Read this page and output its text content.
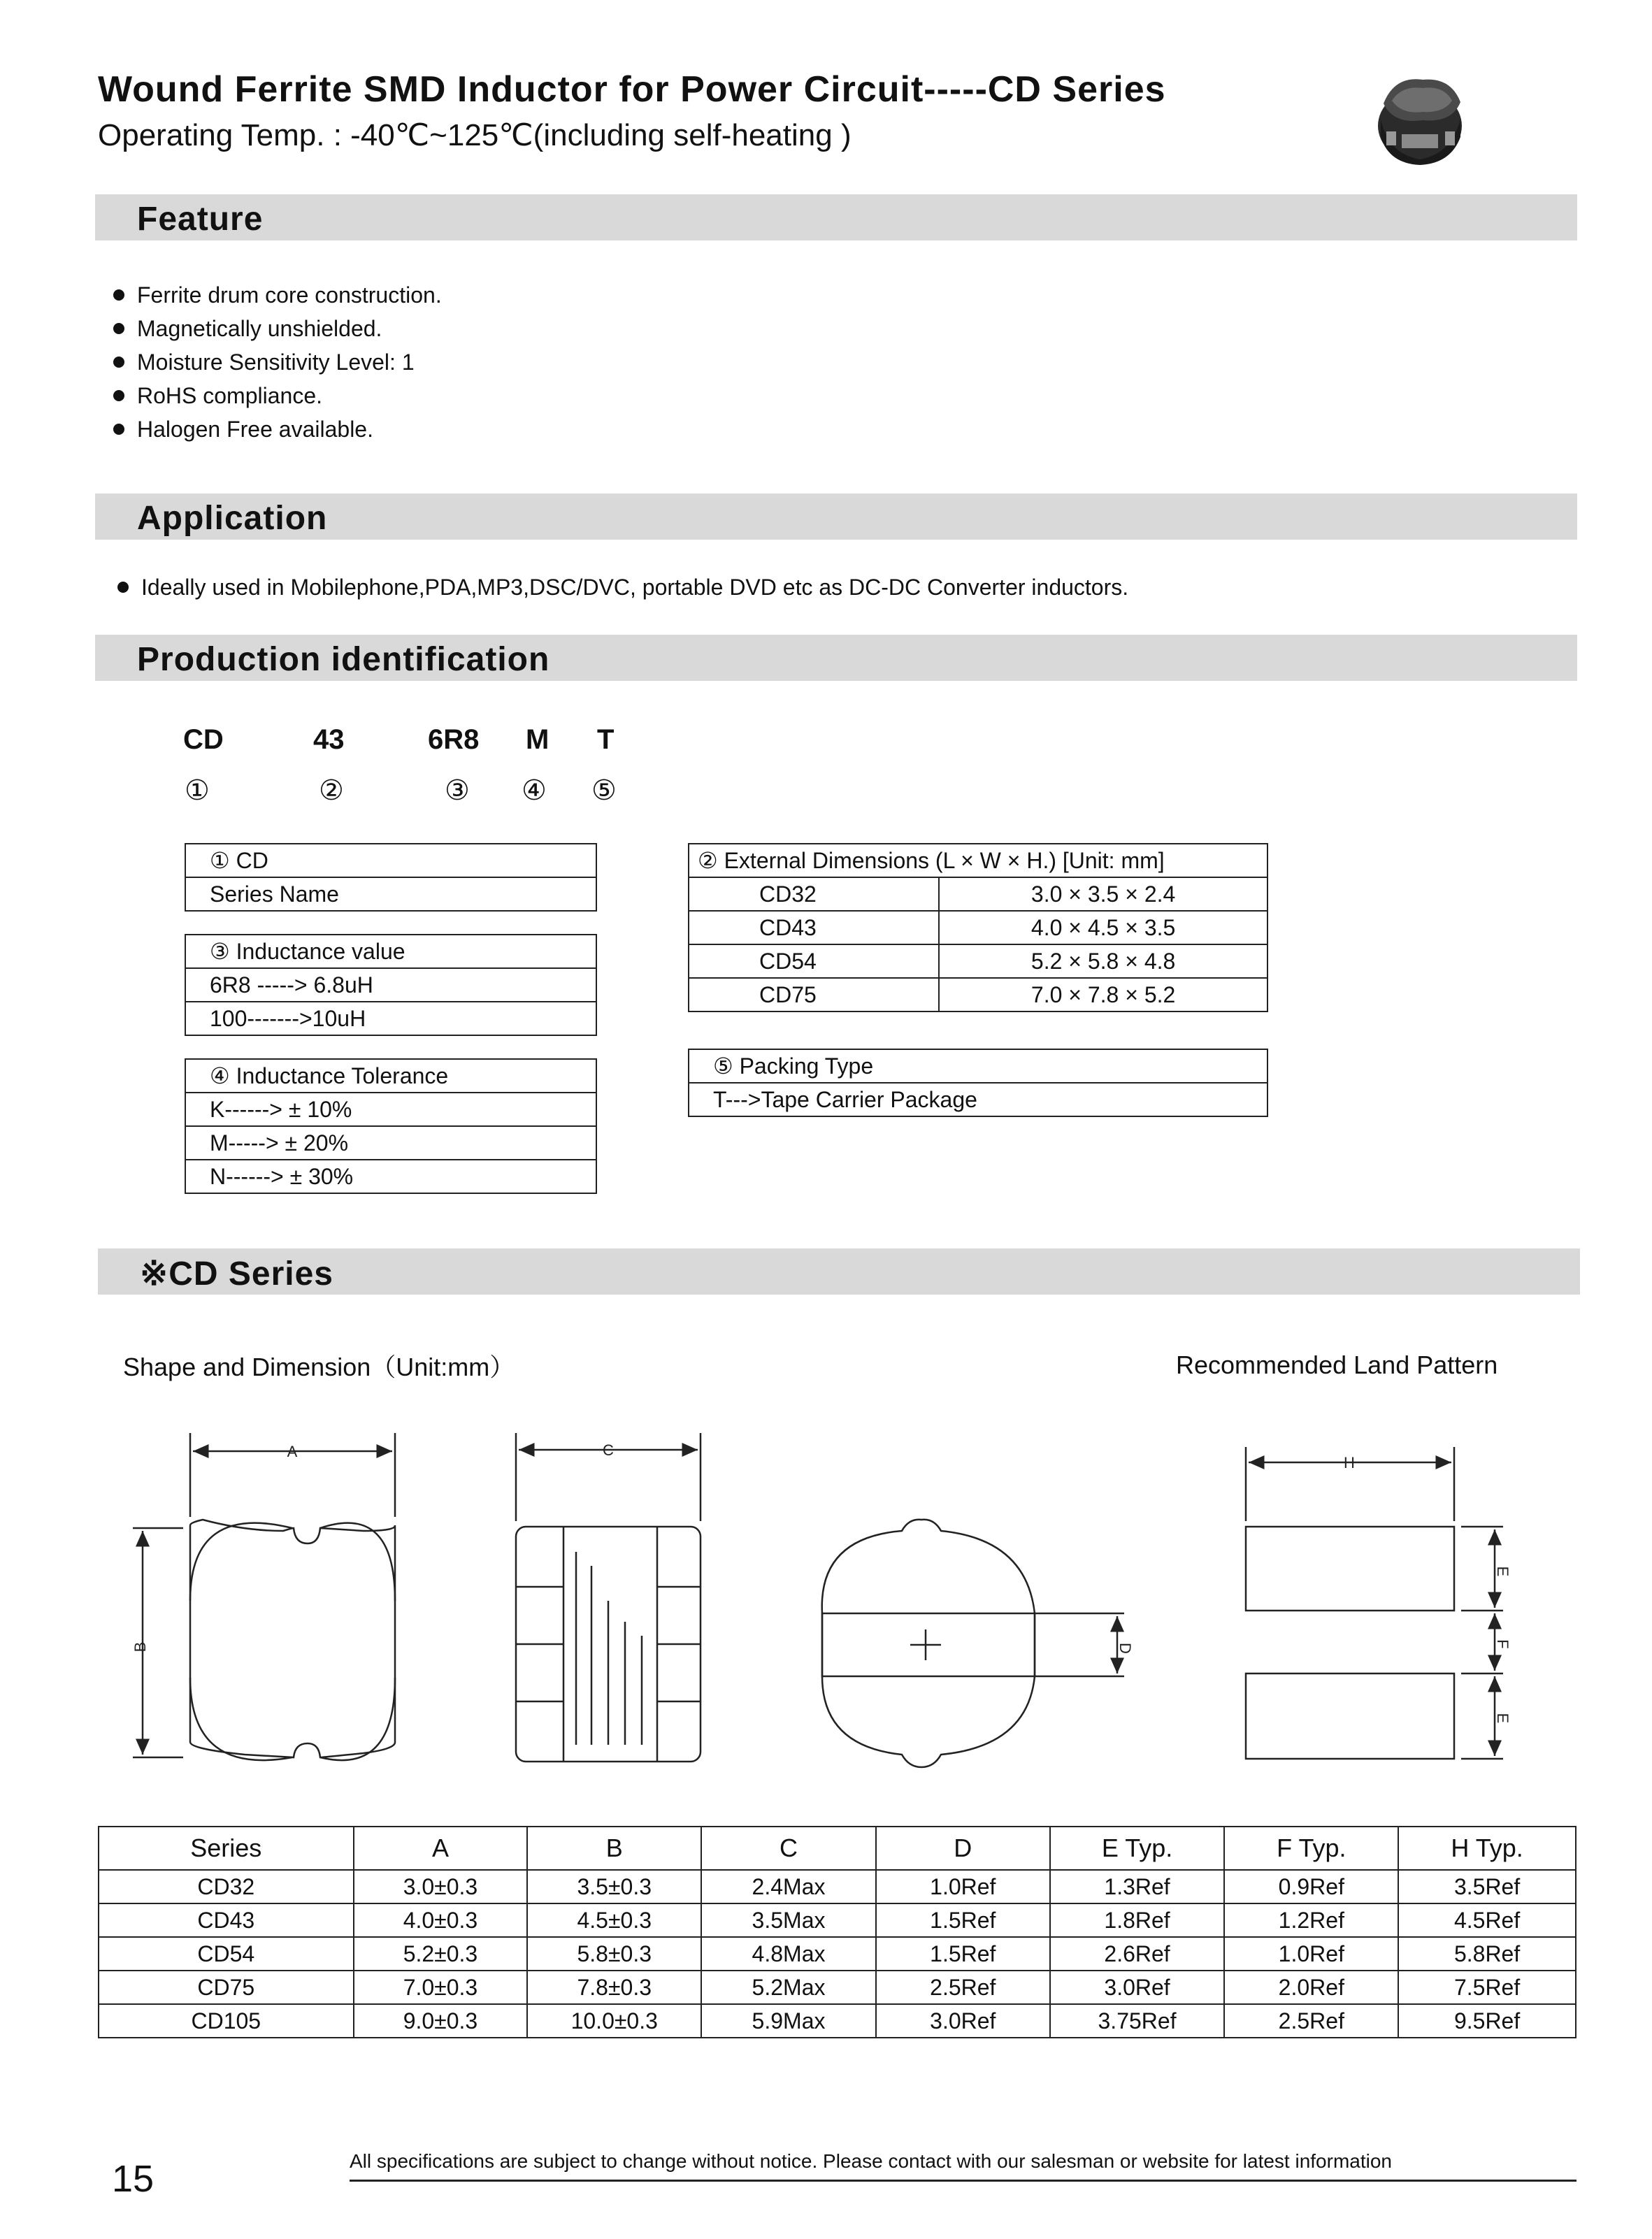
Wound Ferrite SMD Inductor for Power Circuit-----CD Series
Operating Temp. : -40℃~125℃(including self-heating )
Feature
Ferrite drum core construction.
Magnetically unshielded.
Moisture Sensitivity Level: 1
RoHS compliance.
Halogen Free available.
Application
Ideally used in Mobilephone,PDA,MP3,DSC/DVC, portable DVD etc as DC-DC Converter inductors.
Production identification
CD	43	6R8 M T
①	②	③ ④ ⑤
① CD
Series Name
③ Inductance value
6R8 -----> 6.8uH
100------->10uH
④ Inductance Tolerance
K------> ± 10%
M-----> ± 20%
N------> ± 30%
② External Dimensions (L × W × H.) [Unit: mm]	
CD32	3.0 × 3.5 × 2.4
CD43	4.0 × 4.5 × 3.5
CD54	5.2 × 5.8 × 4.8
CD75	7.0 × 7.8 × 5.2
⑤ Packing Type
T--->Tape Carrier Package
※CD Series
Shape and Dimension（Unit:mm）	Recommended Land Pattern
A
B
C
D
H
E
F
E
Series	A	B	C	D	E Typ.	F Typ.	H Typ.
CD32	3.0±0.3	3.5±0.3	2.4Max	1.0Ref	1.3Ref	0.9Ref	3.5Ref
CD43	4.0±0.3	4.5±0.3	3.5Max	1.5Ref	1.8Ref	1.2Ref	4.5Ref
CD54	5.2±0.3	5.8±0.3	4.8Max	1.5Ref	2.6Ref	1.0Ref	5.8Ref
CD75	7.0±0.3	7.8±0.3	5.2Max	2.5Ref	3.0Ref	2.0Ref	7.5Ref
CD105	9.0±0.3	10.0±0.3	5.9Max	3.0Ref	3.75Ref	2.5Ref	9.5Ref
15	All specifications are subject to change without notice. Please contact with our salesman or website for latest information
